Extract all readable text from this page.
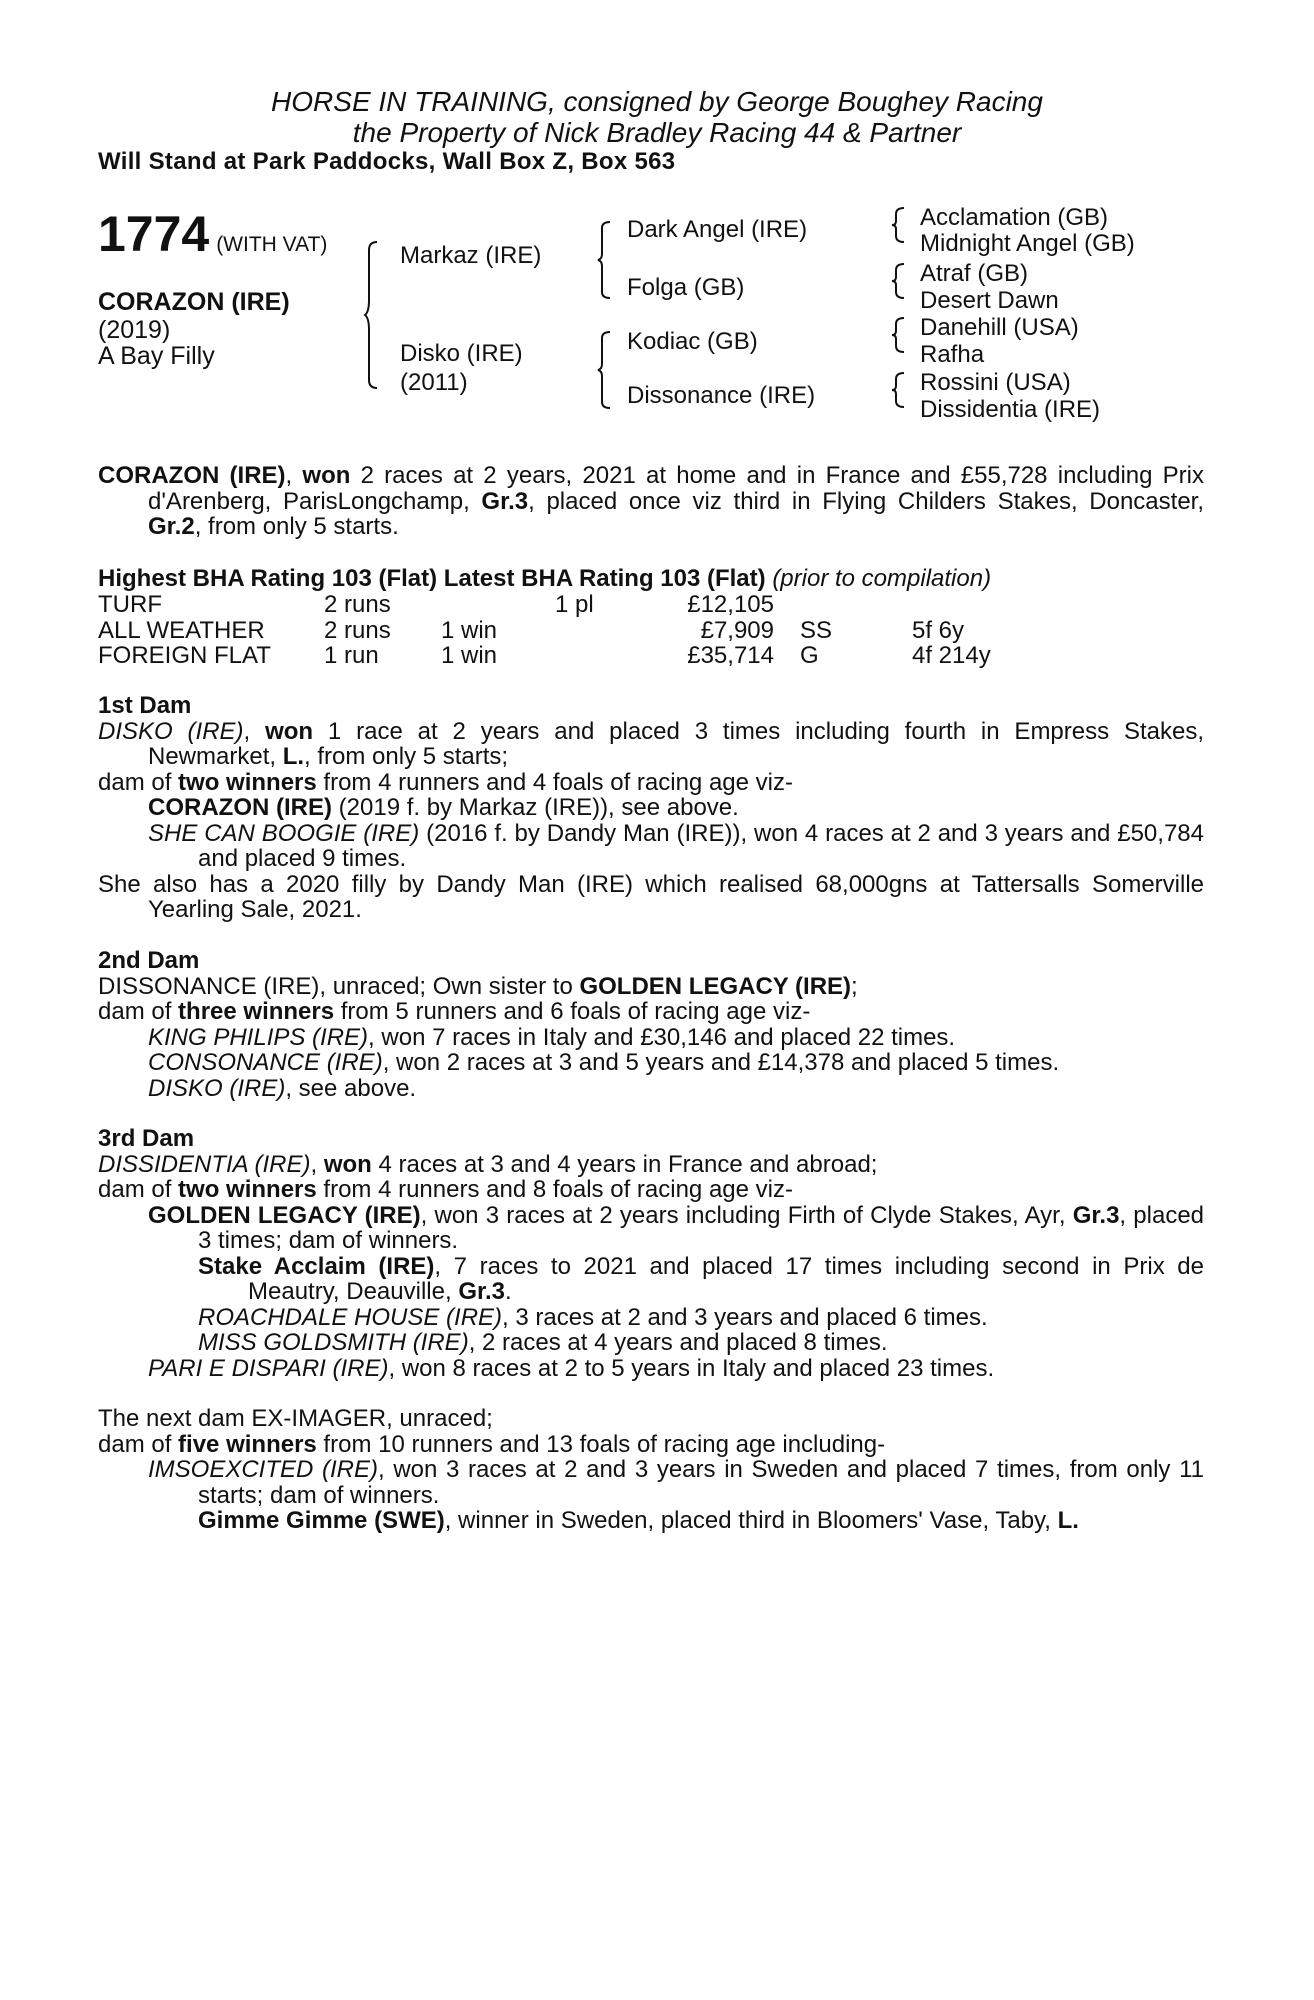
HORSE IN TRAINING, consigned by George Boughey Racing
the Property of Nick Bradley Racing 44 & Partner
Will Stand at Park Paddocks, Wall Box Z, Box 563
1774 (WITH VAT)
CORAZON (IRE)
(2019)
A Bay Filly
Markaz (IRE)
Disko (IRE)
(2011)
Dark Angel (IRE)
Folga (GB)
Kodiac (GB)
Dissonance (IRE)
Acclamation (GB)
Midnight Angel (GB)
Atraf (GB)
Desert Dawn
Danehill (USA)
Rafha
Rossini (USA)
Dissidentia (IRE)

CORAZON (IRE), won 2 races at 2 years, 2021 at home and in France and £55,728 including Prix d'Arenberg, ParisLongchamp, Gr.3, placed once viz third in Flying Childers Stakes, Doncaster, Gr.2, from only 5 starts.

Highest BHA Rating 103 (Flat) Latest BHA Rating 103 (Flat) (prior to compilation)
TURF	2 runs	1 pl	£12,105
ALL WEATHER 2 runs 1 win	£7,909 SS	5f 6y
FOREIGN FLAT 1 run	1 win	£35,714 G	4f 214y

1st Dam

DISKO (IRE), won 1 race at 2 years and placed 3 times including fourth in Empress Stakes, Newmarket, L., from only 5 starts;

dam of two winners from 4 runners and 4 foals of racing age viz-

CORAZON (IRE) (2019 f. by Markaz (IRE)), see above.

SHE CAN BOOGIE (IRE) (2016 f. by Dandy Man (IRE)), won 4 races at 2 and 3 years and £50,784 and placed 9 times.

She also has a 2020 filly by Dandy Man (IRE) which realised 68,000gns at Tattersalls Somerville Yearling Sale, 2021.

2nd Dam

DISSONANCE (IRE), unraced; Own sister to GOLDEN LEGACY (IRE);

dam of three winners from 5 runners and 6 foals of racing age viz-

KING PHILIPS (IRE), won 7 races in Italy and £30,146 and placed 22 times.

CONSONANCE (IRE), won 2 races at 3 and 5 years and £14,378 and placed 5 times.

DISKO (IRE), see above.

3rd Dam

DISSIDENTIA (IRE), won 4 races at 3 and 4 years in France and abroad;

dam of two winners from 4 runners and 8 foals of racing age viz-

GOLDEN LEGACY (IRE), won 3 races at 2 years including Firth of Clyde Stakes, Ayr, Gr.3, placed 3 times; dam of winners.

Stake Acclaim (IRE), 7 races to 2021 and placed 17 times including second in Prix de Meautry, Deauville, Gr.3.

ROACHDALE HOUSE (IRE), 3 races at 2 and 3 years and placed 6 times.

MISS GOLDSMITH (IRE), 2 races at 4 years and placed 8 times.

PARI E DISPARI (IRE), won 8 races at 2 to 5 years in Italy and placed 23 times.

The next dam EX-IMAGER, unraced;

dam of five winners from 10 runners and 13 foals of racing age including-

IMSOEXCITED (IRE), won 3 races at 2 and 3 years in Sweden and placed 7 times, from only 11 starts; dam of winners.

Gimme Gimme (SWE), winner in Sweden, placed third in Bloomers' Vase, Taby, L.
